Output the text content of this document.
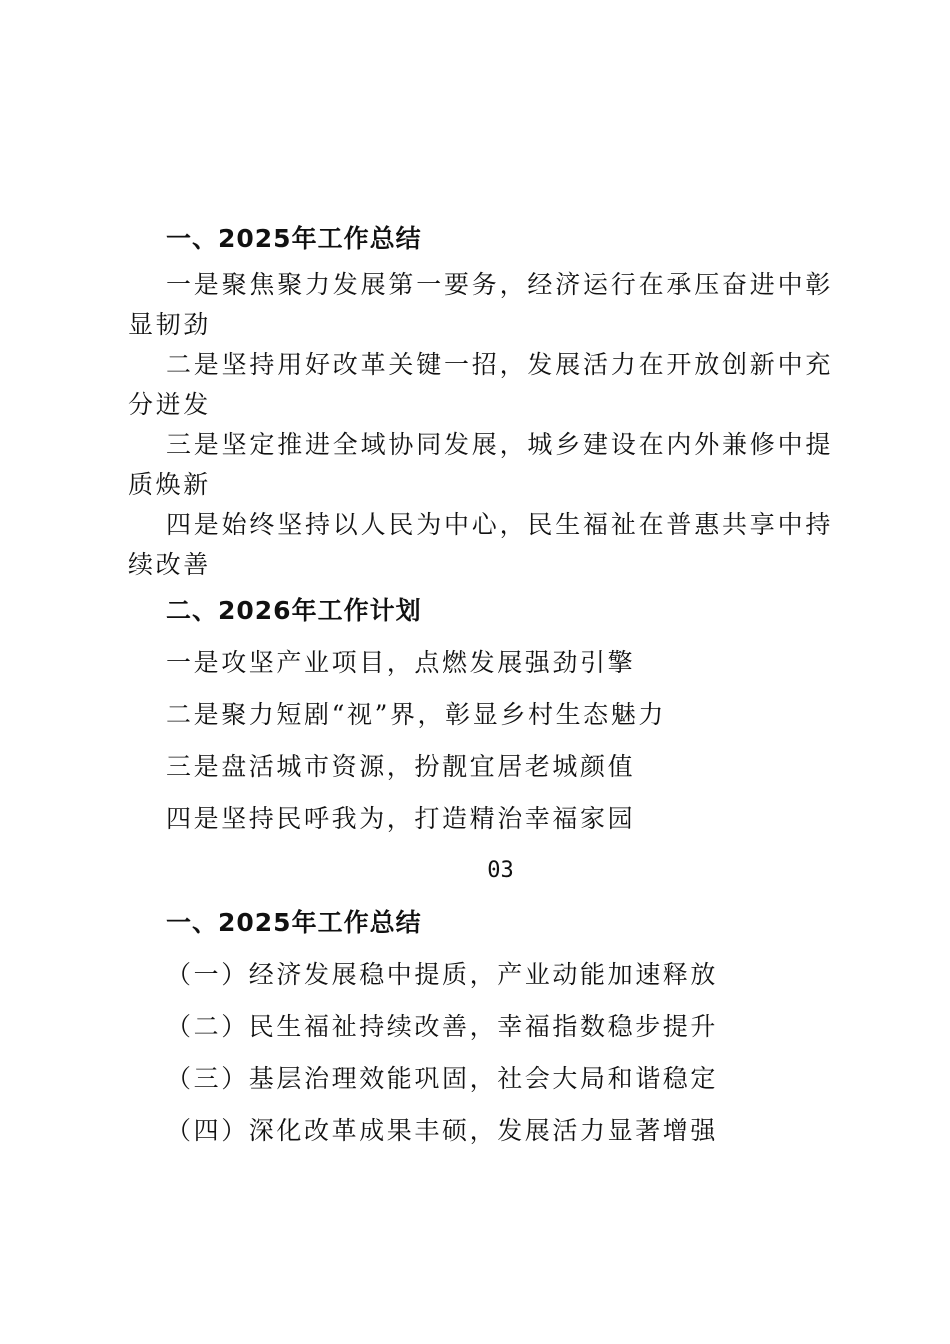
一、2025年工作总结

一是聚焦聚力发展第一要务，经济运行在承压奋进中彰显韧劲

二是坚持用好改革关键一招，发展活力在开放创新中充分迸发

三是坚定推进全域协同发展，城乡建设在内外兼修中提质焕新

四是始终坚持以人民为中心，民生福祉在普惠共享中持续改善

二、2026年工作计划
一是攻坚产业项目，点燃发展强劲引擎
二是聚力短剧“视”界，彰显乡村生态魅力
三是盘活城市资源，扮靓宜居老城颜值
四是坚持民呼我为，打造精治幸福家园
03
一、2025年工作总结
（一）经济发展稳中提质，产业动能加速释放
（二）民生福祉持续改善，幸福指数稳步提升
（三）基层治理效能巩固，社会大局和谐稳定
（四）深化改革成果丰硕，发展活力显著增强
